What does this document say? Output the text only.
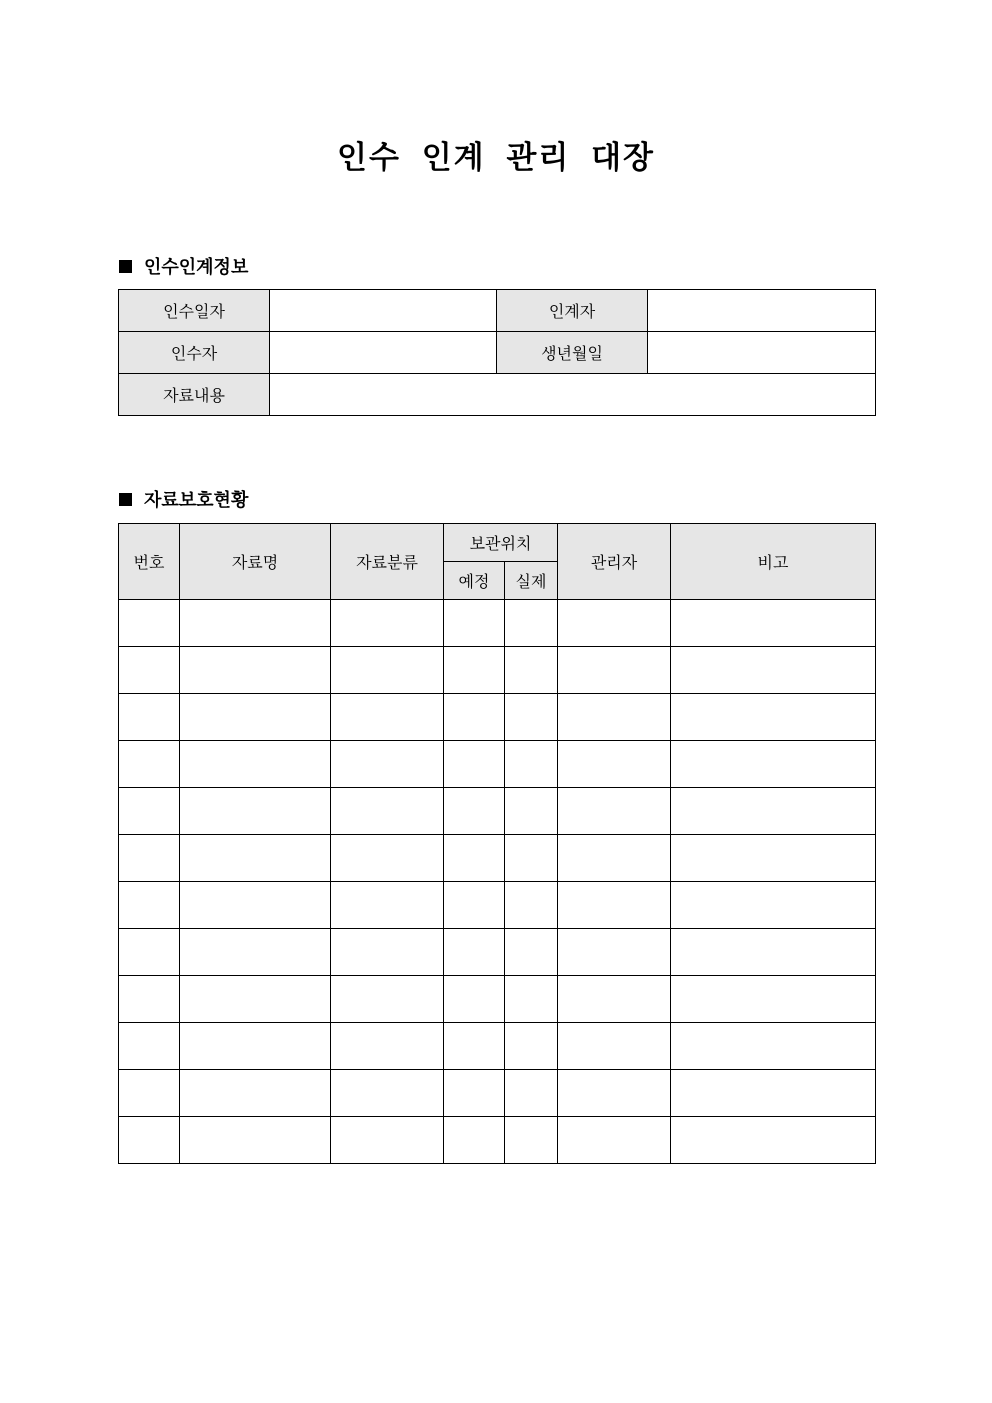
인수 인계 관리 대장
인수인계정보
인수일자		인계자	
인수자		생년월일	
자료내용			
자료보호현황
번호	자료명	자료분류	보관위치		관리자	비고
			예정	실제		
